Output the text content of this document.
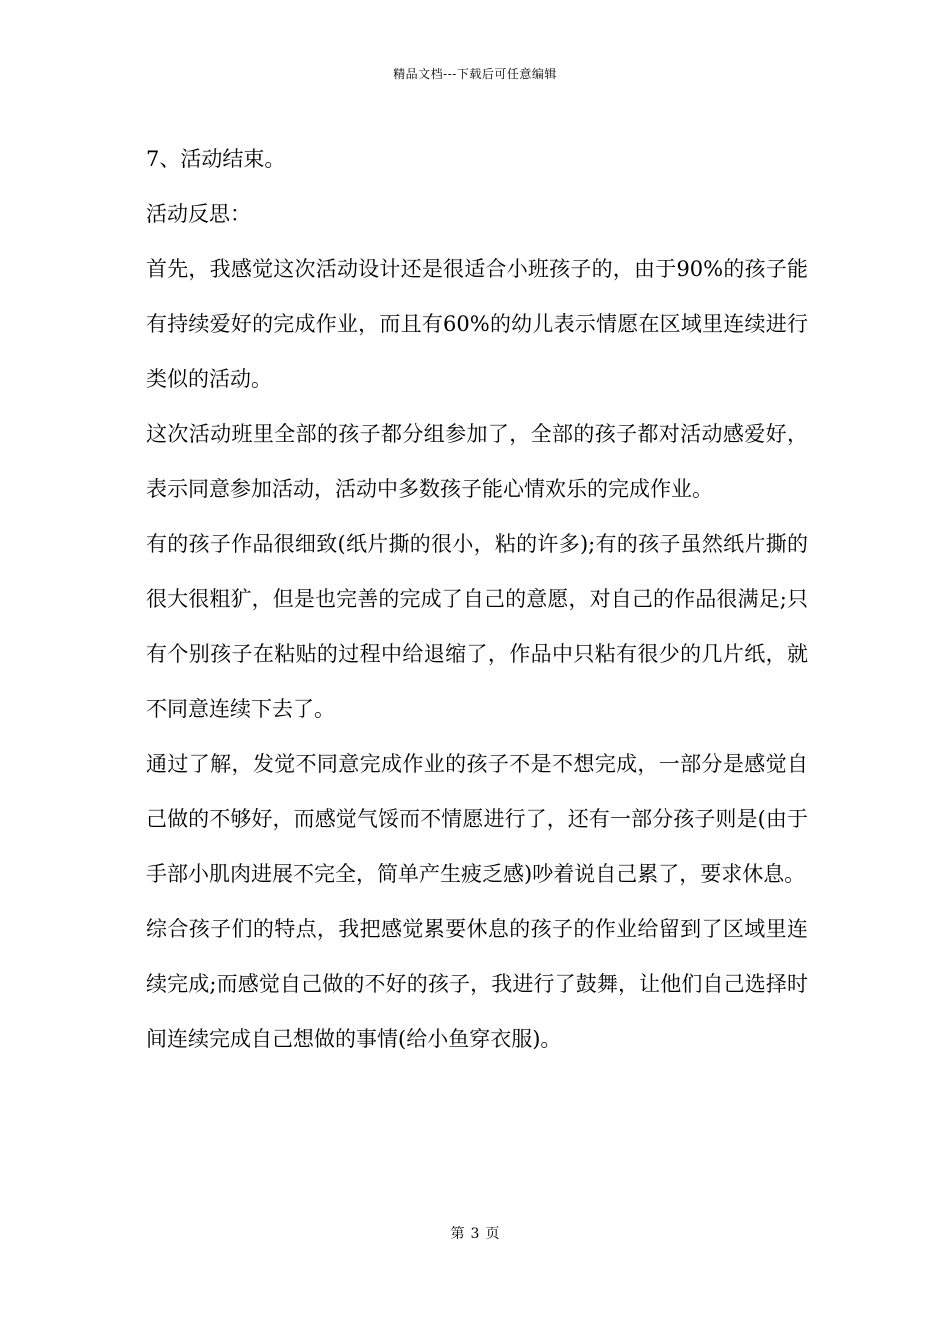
精品文档---下载后可任意编辑

7、活动结束。

活动反思：

首先，我感觉这次活动设计还是很适合小班孩子的，由于90%的孩子能有持续爱好的完成作业，而且有60%的幼儿表示情愿在区域里连续进行类似的活动。

这次活动班里全部的孩子都分组参加了，全部的孩子都对活动感爱好，表示同意参加活动，活动中多数孩子能心情欢乐的完成作业。

有的孩子作品很细致(纸片撕的很小，粘的许多);有的孩子虽然纸片撕的很大很粗犷，但是也完善的完成了自己的意愿，对自己的作品很满足;只有个别孩子在粘贴的过程中给退缩了，作品中只粘有很少的几片纸，就不同意连续下去了。

通过了解，发觉不同意完成作业的孩子不是不想完成，一部分是感觉自己做的不够好，而感觉气馁而不情愿进行了，还有一部分孩子则是(由于手部小肌肉进展不完全，简单产生疲乏感)吵着说自己累了，要求休息。

综合孩子们的特点，我把感觉累要休息的孩子的作业给留到了区域里连续完成;而感觉自己做的不好的孩子，我进行了鼓舞，让他们自己选择时间连续完成自己想做的事情(给小鱼穿衣服)。

第 3 页
